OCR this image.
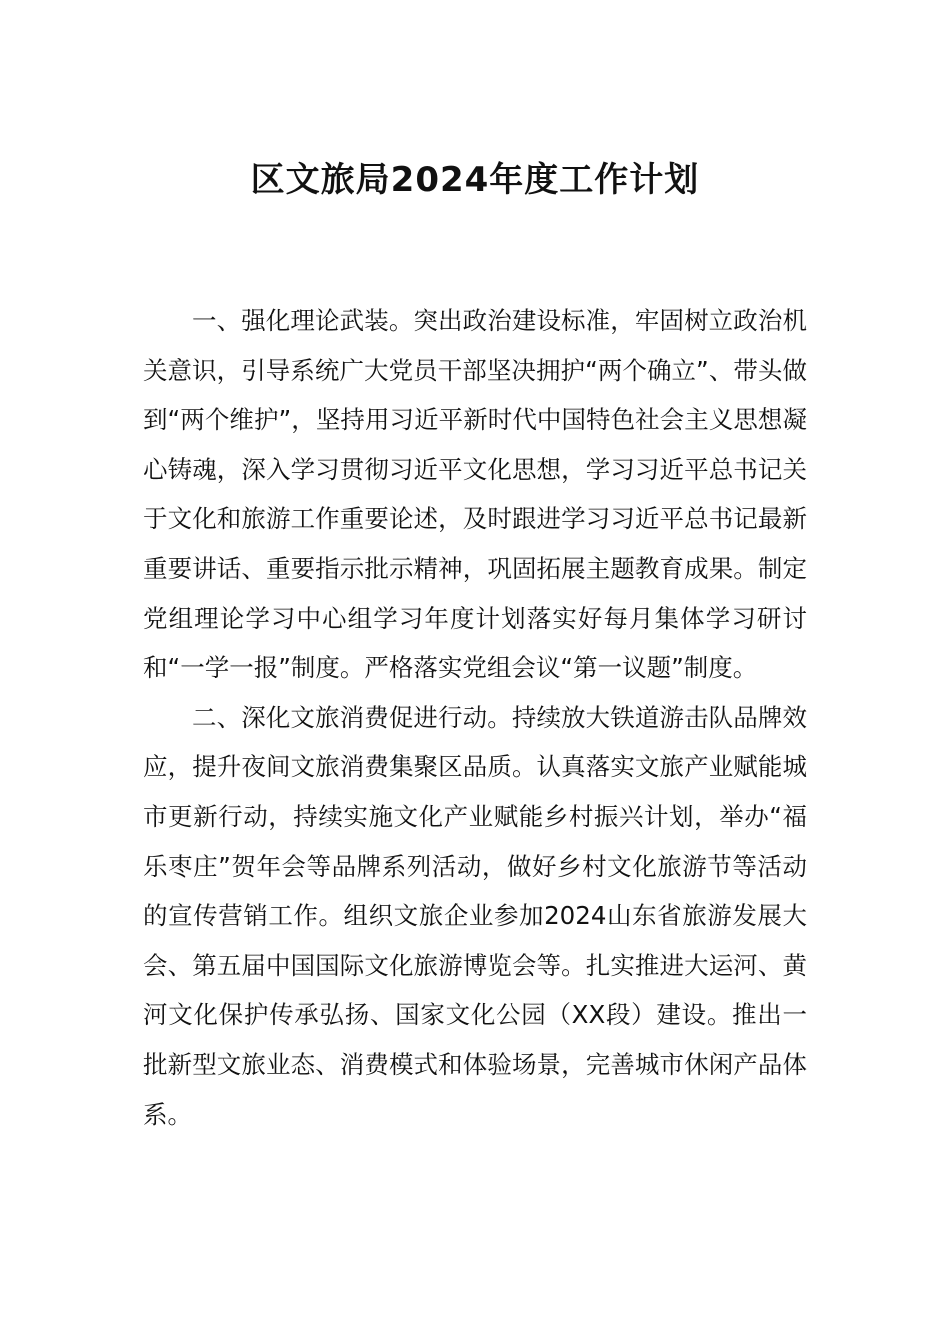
区文旅局2024年度工作计划

一、强化理论武装。突出政治建设标准，牢固树立政治机关意识，引导系统广大党员干部坚决拥护“两个确立”、带头做到“两个维护”，坚持用习近平新时代中国特色社会主义思想凝心铸魂，深入学习贯彻习近平文化思想，学习习近平总书记关于文化和旅游工作重要论述，及时跟进学习习近平总书记最新重要讲话、重要指示批示精神，巩固拓展主题教育成果。制定党组理论学习中心组学习年度计划落实好每月集体学习研讨和“一学一报”制度。严格落实党组会议“第一议题”制度。

二、深化文旅消费促进行动。持续放大铁道游击队品牌效应，提升夜间文旅消费集聚区品质。认真落实文旅产业赋能城市更新行动，持续实施文化产业赋能乡村振兴计划，举办“福乐枣庄”贺年会等品牌系列活动，做好乡村文化旅游节等活动的宣传营销工作。组织文旅企业参加2024山东省旅游发展大会、第五届中国国际文化旅游博览会等。扎实推进大运河、黄河文化保护传承弘扬、国家文化公园（XX段）建设。推出一批新型文旅业态、消费模式和体验场景，完善城市休闲产品体系。
